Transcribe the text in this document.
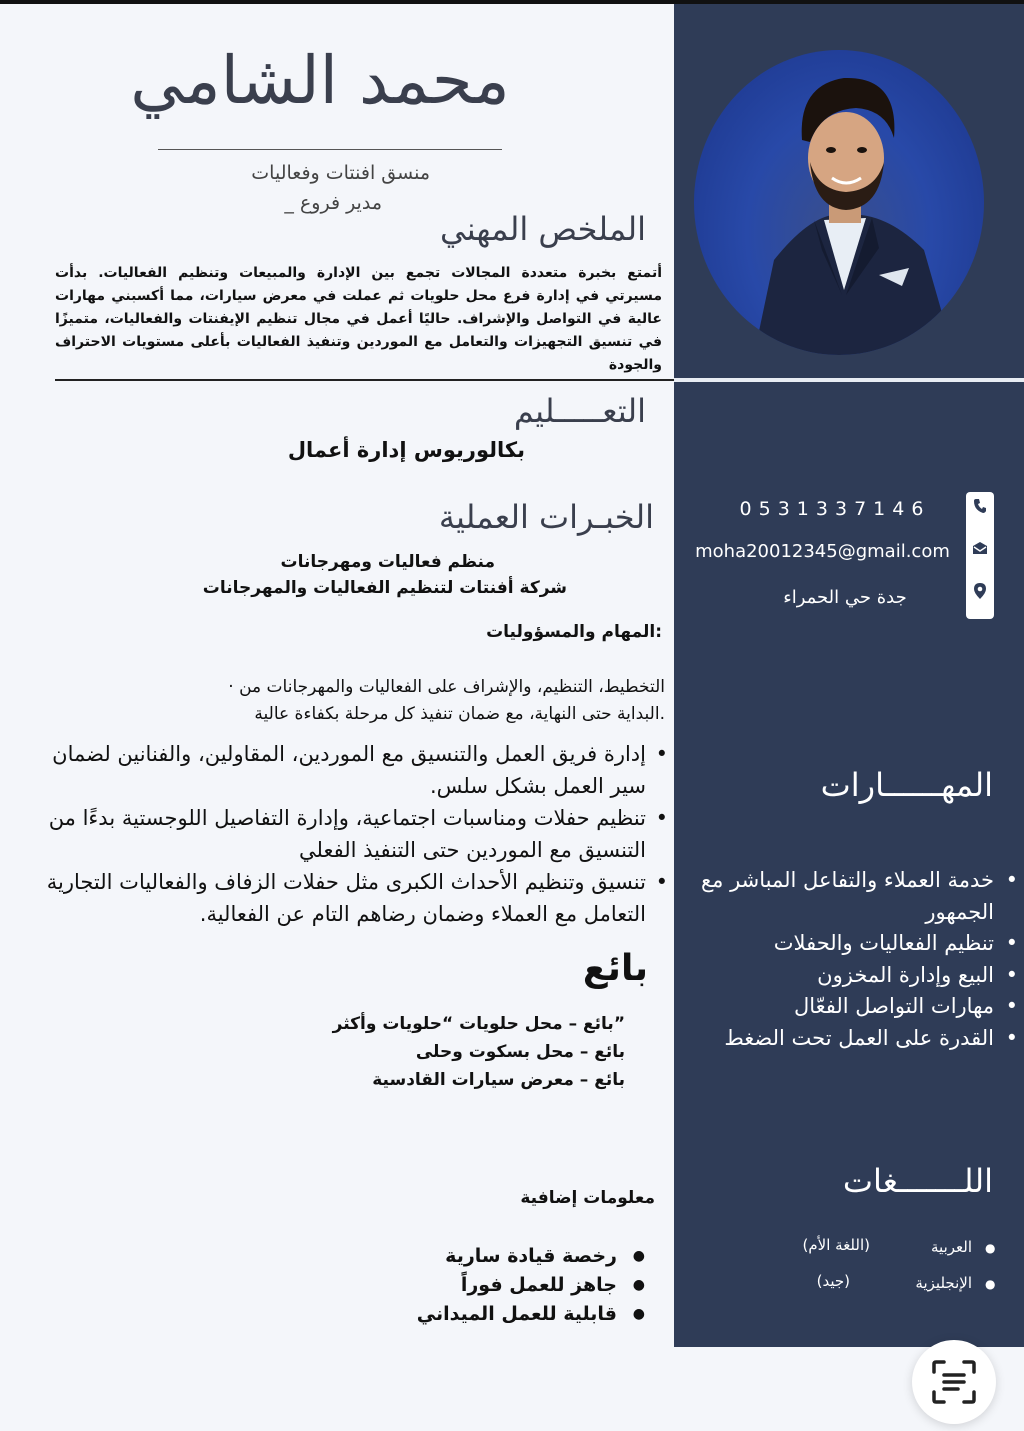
محمد الشامي
منسق افنتات وفعاليات
_ مدير فروع
الملخص المهني
أتمتع بخبرة متعددة المجالات تجمع بين الإدارة والمبيعات وتنظيم الفعاليات. بدأت مسيرتي في إدارة فرع محل حلويات ثم عملت في معرض سيارات، مما أكسبني مهارات عالية في التواصل والإشراف. حاليًا أعمل في مجال تنظيم الإيفنتات والفعاليات، متميزًا في تنسيق التجهيزات والتعامل مع الموردين وتنفيذ الفعاليات بأعلى مستويات الاحتراف والجودة
التعـــــليم
بكالوريوس إدارة أعمال
الخبـرات العملية
منظم فعاليات ومهرجانات
شركة أفنتات لتنظيم الفعاليات والمهرجانات
المهام والمسؤوليات:
التخطيط، التنظيم، والإشراف على الفعاليات والمهرجانات من ·
.البداية حتى النهاية، مع ضمان تنفيذ كل مرحلة بكفاءة عالية
• إدارة فريق العمل والتنسيق مع الموردين، المقاولين، والفنانين لضمان سير العمل بشكل سلس.
• تنظيم حفلات ومناسبات اجتماعية، وإدارة التفاصيل اللوجستية بدءًا من التنسيق مع الموردين حتى التنفيذ الفعلي
• تنسيق وتنظيم الأحداث الكبرى مثل حفلات الزفاف والفعاليات التجارية التعامل مع العملاء وضمان رضاهم التام عن الفعالية.
بائع
بائع – محل حلويات “حلويات وأكثر”
بائع – محل بسكوت وحلى
بائع – معرض سيارات القادسية
معلومات إضافية
● رخصة قيادة سارية
● جاهز للعمل فوراً
● قابلية للعمل الميداني
0531337146
moha20012345@gmail.com
جدة حي الحمراء
المهــــــارات
• خدمة العملاء والتفاعل المباشر مع الجمهور
• تنظيم الفعاليات والحفلات
• البيع وإدارة المخزون
• مهارات التواصل الفعّال
• القدرة على العمل تحت الضغط
اللـــــــغات
●
العربية
(اللغة الأم)
●
الإنجليزية
(جيد)
